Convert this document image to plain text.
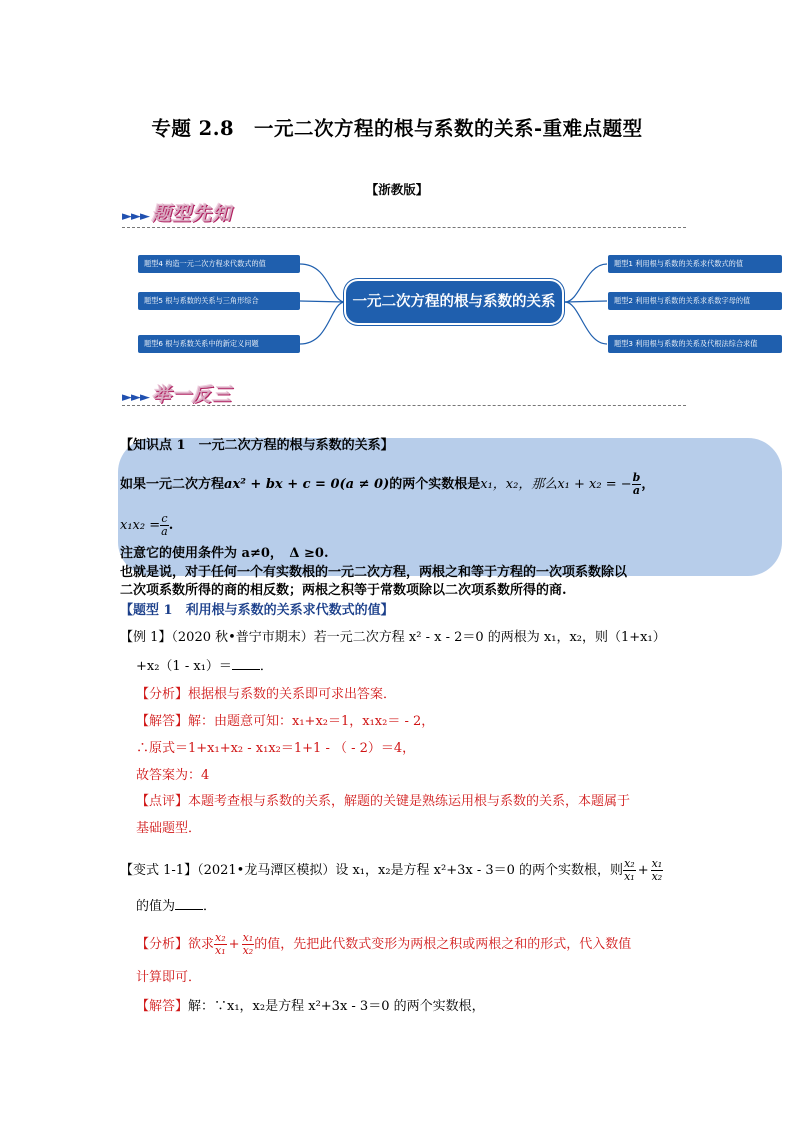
专题 2.8　一元二次方程的根与系数的关系-重难点题型
【浙教版】
►►► 题型先知
题型4 构造一元二次方程求代数式的值
题型5 根与系数的关系与三角形综合
题型6 根与系数关系中的新定义问题
一元二次方程的根与系数的关系
题型1 利用根与系数的关系求代数式的值
题型2 利用根与系数的关系求系数字母的值
题型3 利用根与系数的关系及代根法综合求值
►►► 举一反三
【知识点 1　一元二次方程的根与系数的关系】
如果一元二次方程ax² + bx + c = 0(a ≠ 0)的两个实数根是x₁，x₂，那么x₁ + x₂ = − $\frac{b}{a}$ ，
$x_1x_2 = \frac{c}{a}$ .
注意它的使用条件为 a≠0，　Δ ≥0.
也就是说，对于任何一个有实数根的一元二次方程，两根之和等于方程的一次项系数除以
二次项系数所得的商的相反数；两根之积等于常数项除以二次项系数所得的商.
【题型 1　利用根与系数的关系求代数式的值】
【例 1】（2020 秋•普宁市期末）若一元二次方程 x² - x - 2＝0 的两根为 x₁，x₂，则（1+x₁）
+x₂（1 - x₁）＝ ．
【分析】根据根与系数的关系即可求出答案．
【解答】解：由题意可知：x₁+x₂＝1，x₁x₂＝ - 2，
∴原式＝1+x₁+x₂ - x₁x₂＝1+1 - （ - 2）＝4，
故答案为：4
【点评】本题考查根与系数的关系，解题的关键是熟练运用根与系数的关系，本题属于
基础题型．
【变式 1-1】（2021•龙马潭区模拟）设 x₁，x₂是方程 x²+3x - 3＝0 的两个实数根，则 $\frac{\text{x₂}}{\text{x₁}} + \frac{\text{x₁}}{\text{x₂}}$
的值为 ．
【分析】欲求 $\frac{\text{x₂}}{\text{x₁}} + \frac{\text{x₁}}{\text{x₂}}$ 的值，先把此代数式变形为两根之积或两根之和的形式，代入数值
计算即可．
【解答】解：∵x₁，x₂是方程 x²+3x - 3＝0 的两个实数根，
